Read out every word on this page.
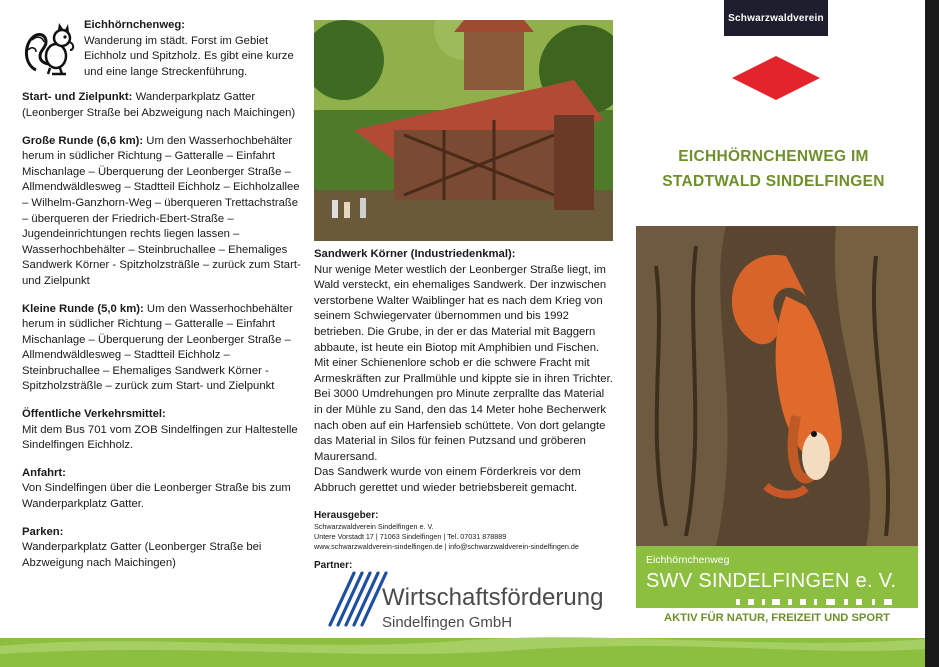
Eichhörnchenweg:
Wanderung im städt. Forst im Gebiet Eichholz und Spitzholz. Es gibt eine kurze und eine lange Streckenführung.

Start- und Zielpunkt: Wanderparkplatz Gatter (Leonberger Straße bei Abzweigung nach Maichingen)

Große Runde (6,6 km): Um den Wasserhochbehälter herum in südlicher Richtung – Gatteralle – Einfahrt Mischanlage – Überquerung der Leonberger Straße – Allmendwäldlesweg – Stadtteil Eichholz – Eichholzallee – Wilhelm-Ganzhorn-Weg – überqueren Trettachstraße – überqueren der Friedrich-Ebert-Straße – Jugendeinrichtungen rechts liegen lassen – Wasserhochbehälter – Steinbruchallee – Ehemaliges Sandwerk Körner - Spitzholzsträßle – zurück zum Start- und Zielpunkt

Kleine Runde (5,0 km): Um den Wasserhochbehälter herum in südlicher Richtung – Gatteralle – Einfahrt Mischanlage – Überquerung der Leonberger Straße – Allmendwäldlesweg – Stadtteil Eichholz – Steinbruchallee – Ehemaliges Sandwerk Körner - Spitzholzsträßle – zurück zum Start- und Zielpunkt

Öffentliche Verkehrsmittel:
Mit dem Bus 701 vom ZOB Sindelfingen zur Haltestelle Sindelfingen Eichholz.

Anfahrt:
Von Sindelfingen über die Leonberger Straße bis zum Wanderparkplatz Gatter.

Parken:
Wanderparkplatz Gatter (Leonberger Straße bei Abzweigung nach Maichingen)

Sandwerk Körner (Industriedenkmal):

Nur wenige Meter westlich der Leonberger Straße liegt, im Wald versteckt, ein ehemaliges Sandwerk. Der inzwischen verstorbene Walter Waiblinger hat es nach dem Krieg von seinem Schwiegervater übernommen und bis 1992 betrieben. Die Grube, in der er das Material mit Baggern abbaute, ist heute ein Biotop mit Amphibien und Fischen. Mit einer Schienenlore schob er die schwere Fracht mit Armeskräften zur Prallmühle und kippte sie in ihren Trichter. Bei 3000 Umdrehungen pro Minute zerprallte das Material in der Mühle zu Sand, den das 14 Meter hohe Becherwerk nach oben auf ein Harfensieb schüttete. Von dort gelangte das Material in Silos für feinen Putzsand und gröberen Maurersand.

Das Sandwerk wurde von einem Förderkreis vor dem Abbruch gerettet und wieder betriebsbereit gemacht.

Herausgeber:
Schwarzwaldverein Sindelfingen e. V.
Untere Vorstadt 17 | 71063 Sindelfingen | Tel. 07031 878889
www.schwarzwaldverein-sindelfingen.de | info@schwarzwaldverein-sindelfingen.de
Partner:
Wirtschaftsförderung
Sindelfingen GmbH
Schwarzwaldverein
EICHHÖRNCHENWEG IM
STADTWALD SINDELFINGEN
Eichhörnchenweg
SWV SINDELFINGEN e. V.
AKTIV FÜR NATUR, FREIZEIT UND SPORT
